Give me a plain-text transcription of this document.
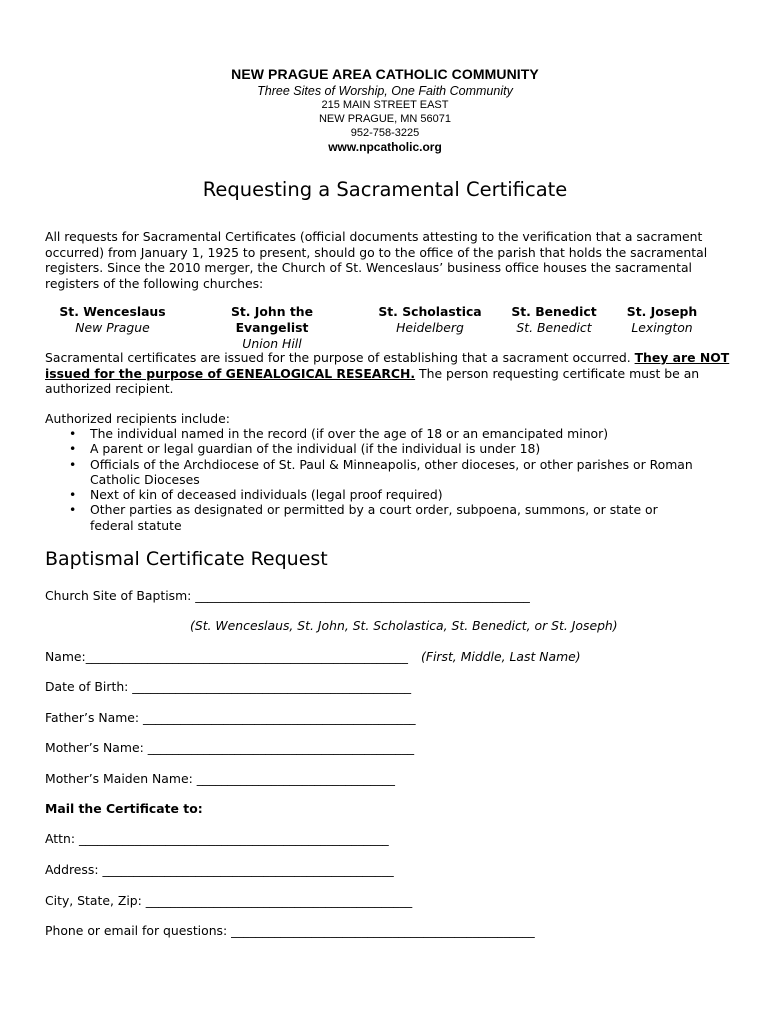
NEW PRAGUE AREA CATHOLIC COMMUNITY
Three Sites of Worship, One Faith Community
215 MAIN STREET EAST
NEW PRAGUE, MN 56071
952-758-3225
www.npcatholic.org
Requesting a Sacramental Certificate
All requests for Sacramental Certificates (official documents attesting to the verification that a sacrament occurred) from January 1, 1925 to present, should go to the office of the parish that holds the sacramental registers. Since the 2010 merger, the Church of St. Wenceslaus’ business office houses the sacramental registers of the following churches:
St. Wenceslaus
New Prague
St. John the Evangelist
Union Hill
St. Scholastica
Heidelberg
St. Benedict
St. Benedict
St. Joseph
Lexington
Sacramental certificates are issued for the purpose of establishing that a sacrament occurred. They are NOT issued for the purpose of GENEALOGICAL RESEARCH. The person requesting certificate must be an authorized recipient.
Authorized recipients include:
• The individual named in the record (if over the age of 18 or an emancipated minor)
• A parent or legal guardian of the individual (if the individual is under 18)
• Officials of the Archdiocese of St. Paul & Minneapolis, other dioceses, or other parishes or Roman Catholic Dioceses
• Next of kin of deceased individuals (legal proof required)
• Other parties as designated or permitted by a court order, subpoena, summons, or state or federal statute
Baptismal Certificate Request
Church Site of Baptism: ______________________________________________________
(St. Wenceslaus, St. John, St. Scholastica, St. Benedict, or St. Joseph)
Name:____________________________________________________ (First, Middle, Last Name)
Date of Birth: _____________________________________________
Father’s Name: ____________________________________________
Mother’s Name: ___________________________________________
Mother’s Maiden Name: ________________________________
Mail the Certificate to:
Attn: __________________________________________________
Address: _______________________________________________
City, State, Zip: ___________________________________________
Phone or email for questions: _________________________________________________
